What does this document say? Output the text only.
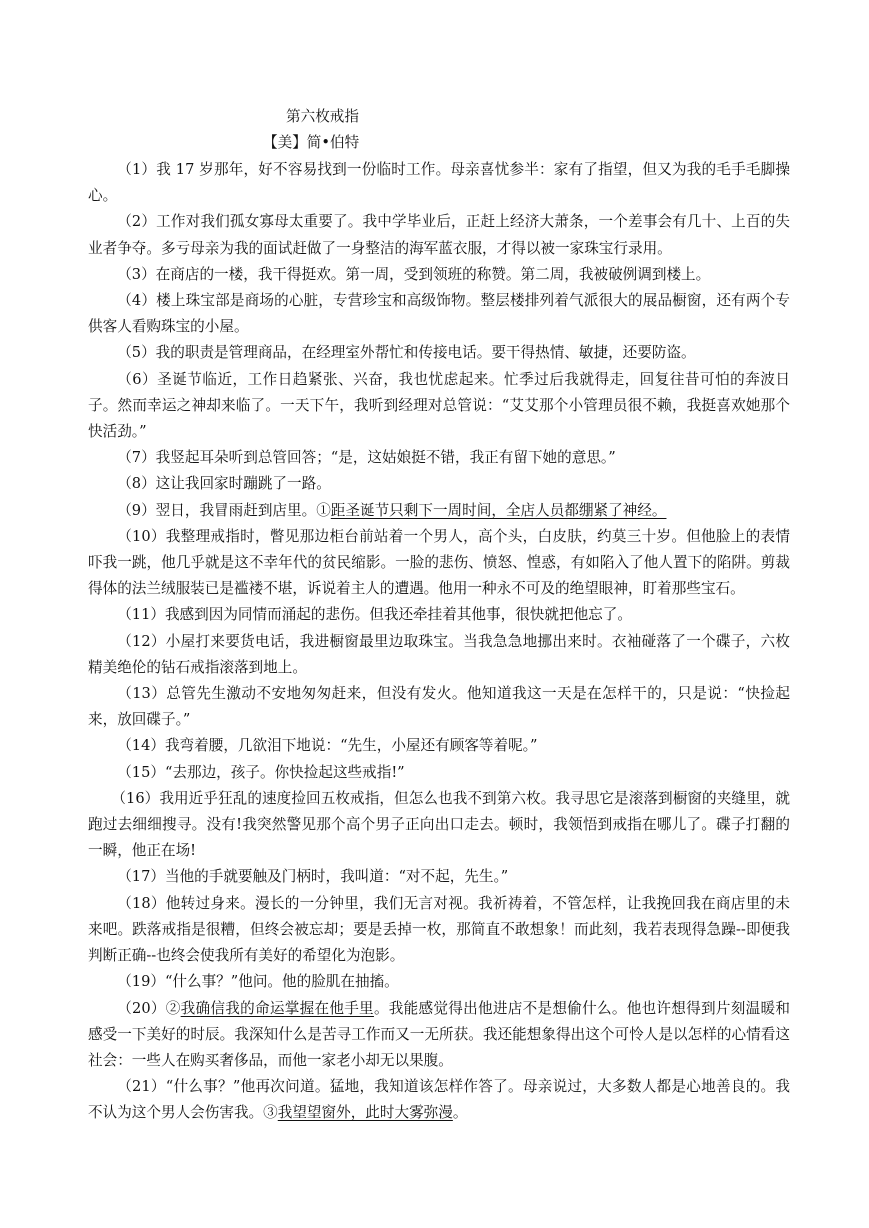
第六枚戒指
【美】简•伯特

（1）我 17 岁那年，好不容易找到一份临时工作。母亲喜忧参半：家有了指望，但又为我的毛手毛脚操心。

（2）工作对我们孤女寡母太重要了。我中学毕业后，正赶上经济大萧条，一个差事会有几十、上百的失业者争夺。多亏母亲为我的面试赶做了一身整洁的海军蓝衣服，才得以被一家珠宝行录用。

（3）在商店的一楼，我干得挺欢。第一周，受到领班的称赞。第二周，我被破例调到楼上。

（4）楼上珠宝部是商场的心脏，专营珍宝和高级饰物。整层楼排列着气派很大的展品橱窗，还有两个专供客人看购珠宝的小屋。

（5）我的职责是管理商品，在经理室外帮忙和传接电话。要干得热情、敏捷，还要防盗。

（6）圣诞节临近，工作日趋紧张、兴奋，我也忧虑起来。忙季过后我就得走，回复往昔可怕的奔波日子。然而幸运之神却来临了。一天下午，我听到经理对总管说：“艾艾那个小管理员很不赖，我挺喜欢她那个快活劲。”

（7）我竖起耳朵听到总管回答；“是，这姑娘挺不错，我正有留下她的意思。”

（8）这让我回家时蹦跳了一路。

（9）翌日，我冒雨赶到店里。①距圣诞节只剩下一周时间，全店人员都绷紧了神经。

（10）我整理戒指时，瞥见那边柜台前站着一个男人，高个头，白皮肤，约莫三十岁。但他脸上的表情吓我一跳，他几乎就是这不幸年代的贫民缩影。一脸的悲伤、愤怒、惶惑，有如陷入了他人置下的陷阱。剪裁得体的法兰绒服装已是褴褛不堪，诉说着主人的遭遇。他用一种永不可及的绝望眼神，盯着那些宝石。

（11）我感到因为同情而涌起的悲伤。但我还牵挂着其他事，很快就把他忘了。

（12）小屋打来要货电话，我进橱窗最里边取珠宝。当我急急地挪出来时。衣袖碰落了一个碟子，六枚精美绝伦的钻石戒指滚落到地上。

（13）总管先生激动不安地匆匆赶来，但没有发火。他知道我这一天是在怎样干的，只是说：“快捡起来，放回碟子。”

（14）我弯着腰，几欲泪下地说：“先生，小屋还有顾客等着呢。”

（15）“去那边，孩子。你快捡起这些戒指!”

（16）我用近乎狂乱的速度捡回五枚戒指，但怎么也我不到第六枚。我寻思它是滚落到橱窗的夹缝里，就跑过去细细搜寻。没有!我突然警见那个高个男子正向出口走去。顿时，我领悟到戒指在哪儿了。碟子打翻的一瞬，他正在场!

（17）当他的手就要触及门柄时，我叫道：“对不起，先生。”

（18）他转过身来。漫长的一分钟里，我们无言对视。我祈祷着，不管怎样，让我挽回我在商店里的未来吧。跌落戒指是很糟，但终会被忘却；要是丢掉一枚，那简直不敢想象！而此刻，我若表现得急躁--即便我判断正确--也终会使我所有美好的希望化为泡影。

（19）“什么事？”他问。他的脸肌在抽搐。

（20）②我确信我的命运掌握在他手里。我能感觉得出他进店不是想偷什么。他也许想得到片刻温暖和感受一下美好的时辰。我深知什么是苦寻工作而又一无所获。我还能想象得出这个可怜人是以怎样的心情看这社会：一些人在购买奢侈品，而他一家老小却无以果腹。

（21）“什么事？”他再次问道。猛地，我知道该怎样作答了。母亲说过，大多数人都是心地善良的。我不认为这个男人会伤害我。③我望望窗外，此时大雾弥漫。
